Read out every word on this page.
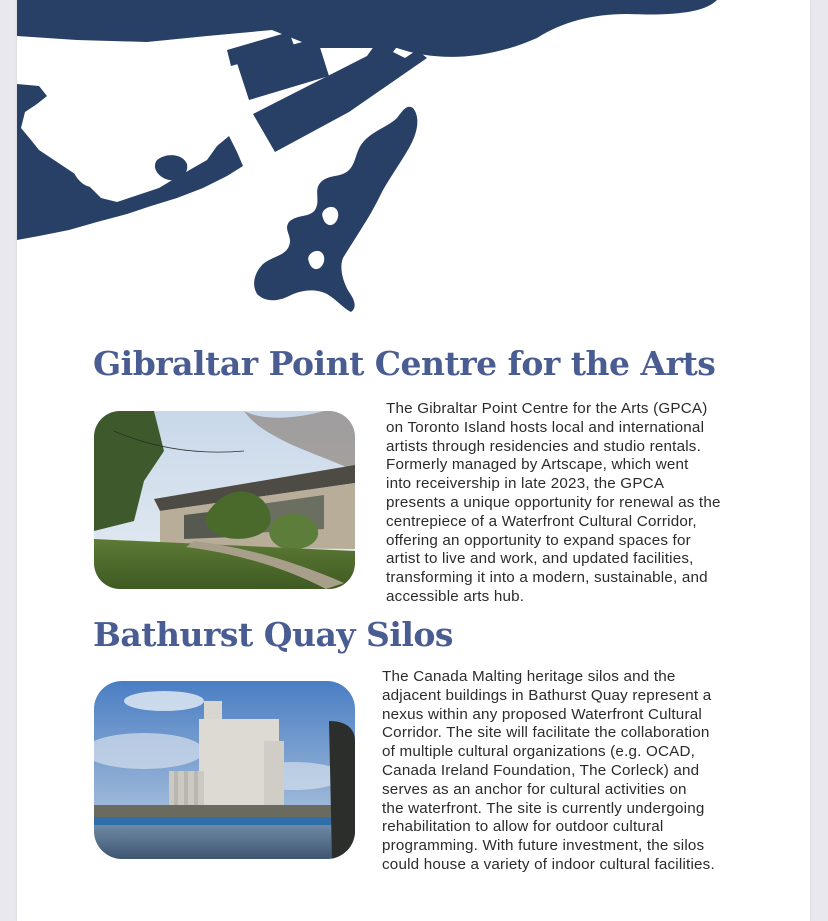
Gibraltar Point Centre for the Arts

The Gibraltar Point Centre for the Arts (GPCA)
on Toronto Island hosts local and international
artists through residencies and studio rentals.
Formerly managed by Artscape, which went
into receivership in late 2023, the GPCA
presents a unique opportunity for renewal as the
centrepiece of a Waterfront Cultural Corridor,
offering an opportunity to expand spaces for
artist to live and work, and updated facilities,
transforming it into a modern, sustainable, and
accessible arts hub.

Bathurst Quay Silos

The Canada Malting heritage silos and the
adjacent buildings in Bathurst Quay represent a
nexus within any proposed Waterfront Cultural
Corridor. The site will facilitate the collaboration
of multiple cultural organizations (e.g. OCAD,
Canada Ireland Foundation, The Corleck) and
serves as an anchor for cultural activities on
the waterfront. The site is currently undergoing
rehabilitation to allow for outdoor cultural
programming. With future investment, the silos
could house a variety of indoor cultural facilities.
